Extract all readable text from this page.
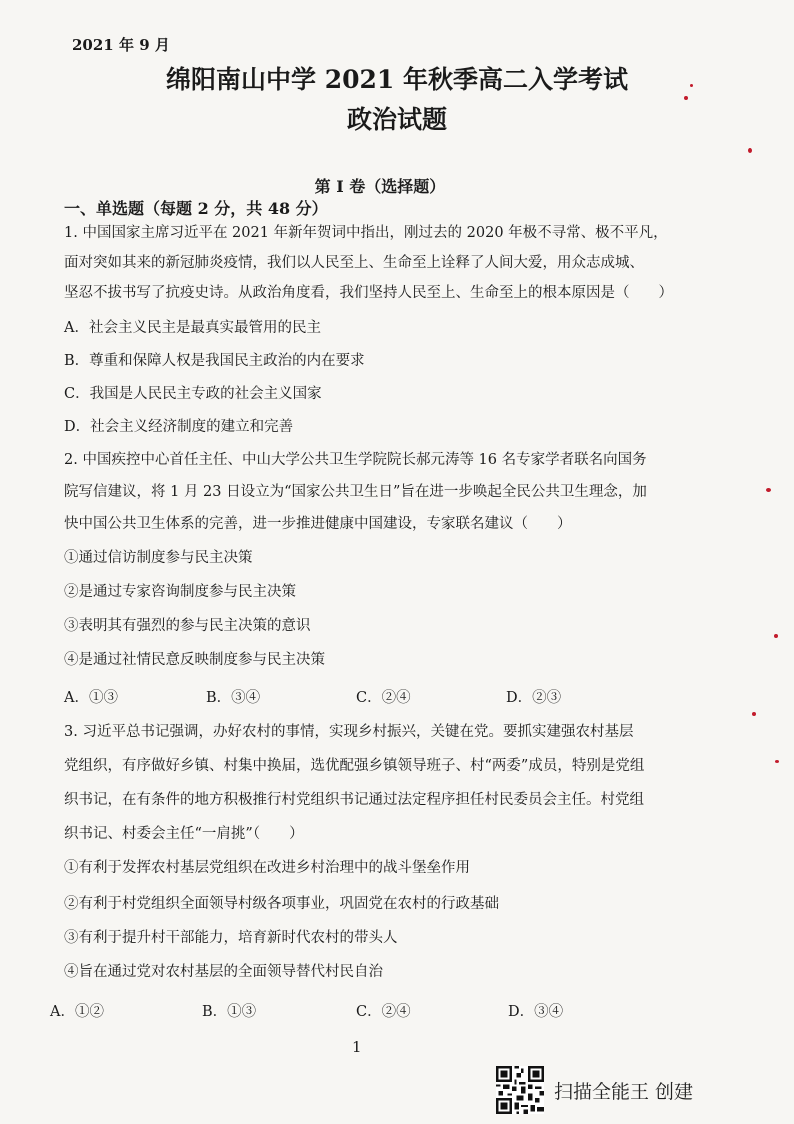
2021 年 9 月
绵阳南山中学 2021 年秋季高二入学考试
政治试题
第 I 卷（选择题）
一、单选题（每题 2 分，共 48 分）
1. 中国国家主席习近平在 2021 年新年贺词中指出，刚过去的 2020 年极不寻常、极不平凡，
面对突如其来的新冠肺炎疫情，我们以人民至上、生命至上诠释了人间大爱，用众志成城、
坚忍不拔书写了抗疫史诗。从政治角度看，我们坚持人民至上、生命至上的根本原因是（　　）
A．社会主义民主是最真实最管用的民主
B．尊重和保障人权是我国民主政治的内在要求
C．我国是人民民主专政的社会主义国家
D．社会主义经济制度的建立和完善
2. 中国疾控中心首任主任、中山大学公共卫生学院院长郝元涛等 16 名专家学者联名向国务
院写信建议，将 1 月 23 日设立为“国家公共卫生日”旨在进一步唤起全民公共卫生理念，加
快中国公共卫生体系的完善，进一步推进健康中国建设，专家联名建议（　　）
①通过信访制度参与民主决策
②是通过专家咨询制度参与民主决策
③表明其有强烈的参与民主决策的意识
④是通过社情民意反映制度参与民主决策
A．①③	B．③④	C．②④	D．②③
3. 习近平总书记强调，办好农村的事情，实现乡村振兴，关键在党。要抓实建强农村基层
党组织，有序做好乡镇、村集中换届，选优配强乡镇领导班子、村“两委”成员，特别是党组
织书记，在有条件的地方积极推行村党组织书记通过法定程序担任村民委员会主任。村党组
织书记、村委会主任“一肩挑”（　　）
①有利于发挥农村基层党组织在改进乡村治理中的战斗堡垒作用
②有利于村党组织全面领导村级各项事业，巩固党在农村的行政基础
③有利于提升村干部能力，培育新时代农村的带头人
④旨在通过党对农村基层的全面领导替代村民自治
A．①②	B．①③	C．②④	D．③④
1
扫描全能王 创建
